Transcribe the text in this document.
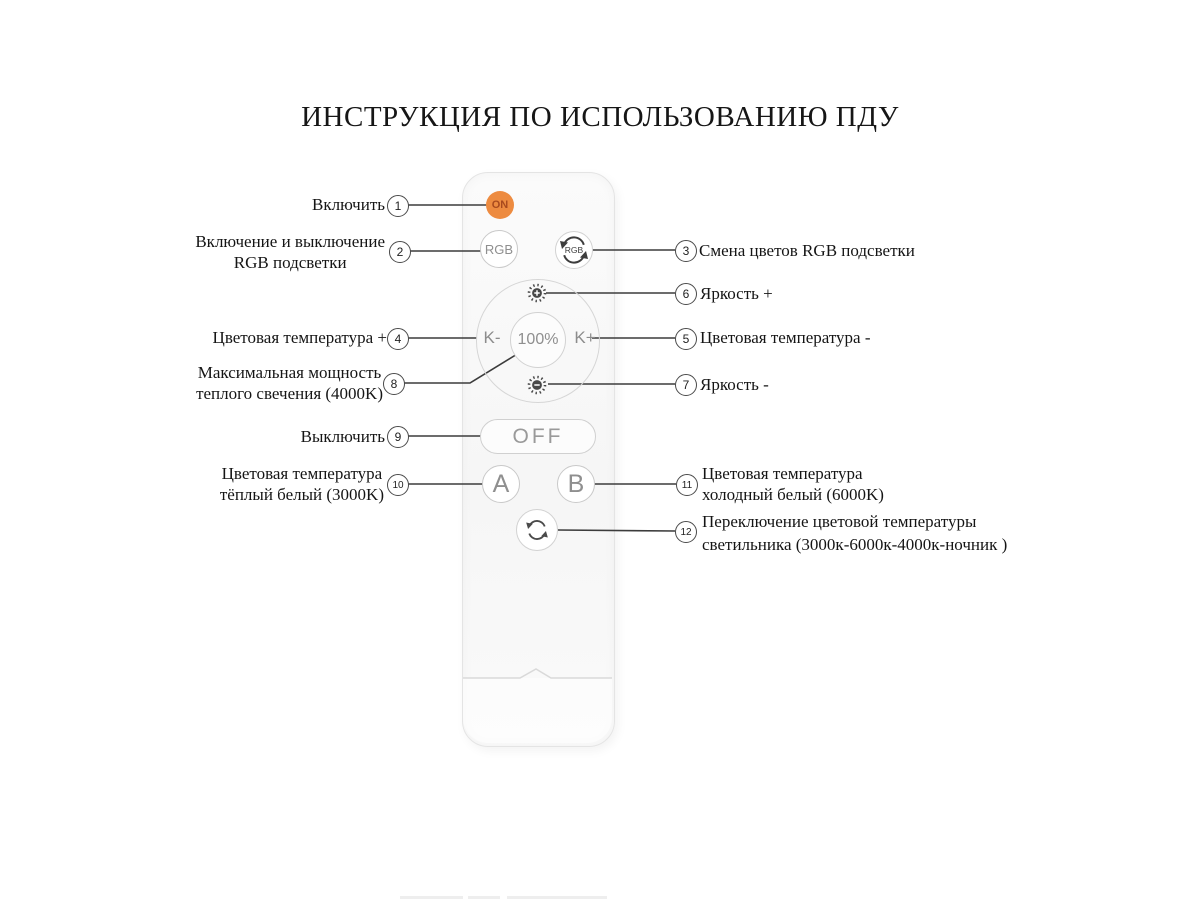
ИНСТРУКЦИЯ ПО ИСПОЛЬЗОВАНИЮ ПДУ
ON
RGB	RGB
100%
K-	K+
OFF
A	B
1
2
4
8
9
10
3
6
5
7
11
12
Включить
Включение и выключение
RGB подсветки
Цветовая температура +
Максимальная мощность
теплого свечения (4000K)
Выключить
Цветовая температура
тёплый белый (3000K)
Смена цветов RGB подсветки
Яркость +
Цветовая температура -
Яркость -
Цветовая температура
холодный белый (6000K)
Переключение цветовой температуры
светильника (3000к-6000к-4000к-ночник )
